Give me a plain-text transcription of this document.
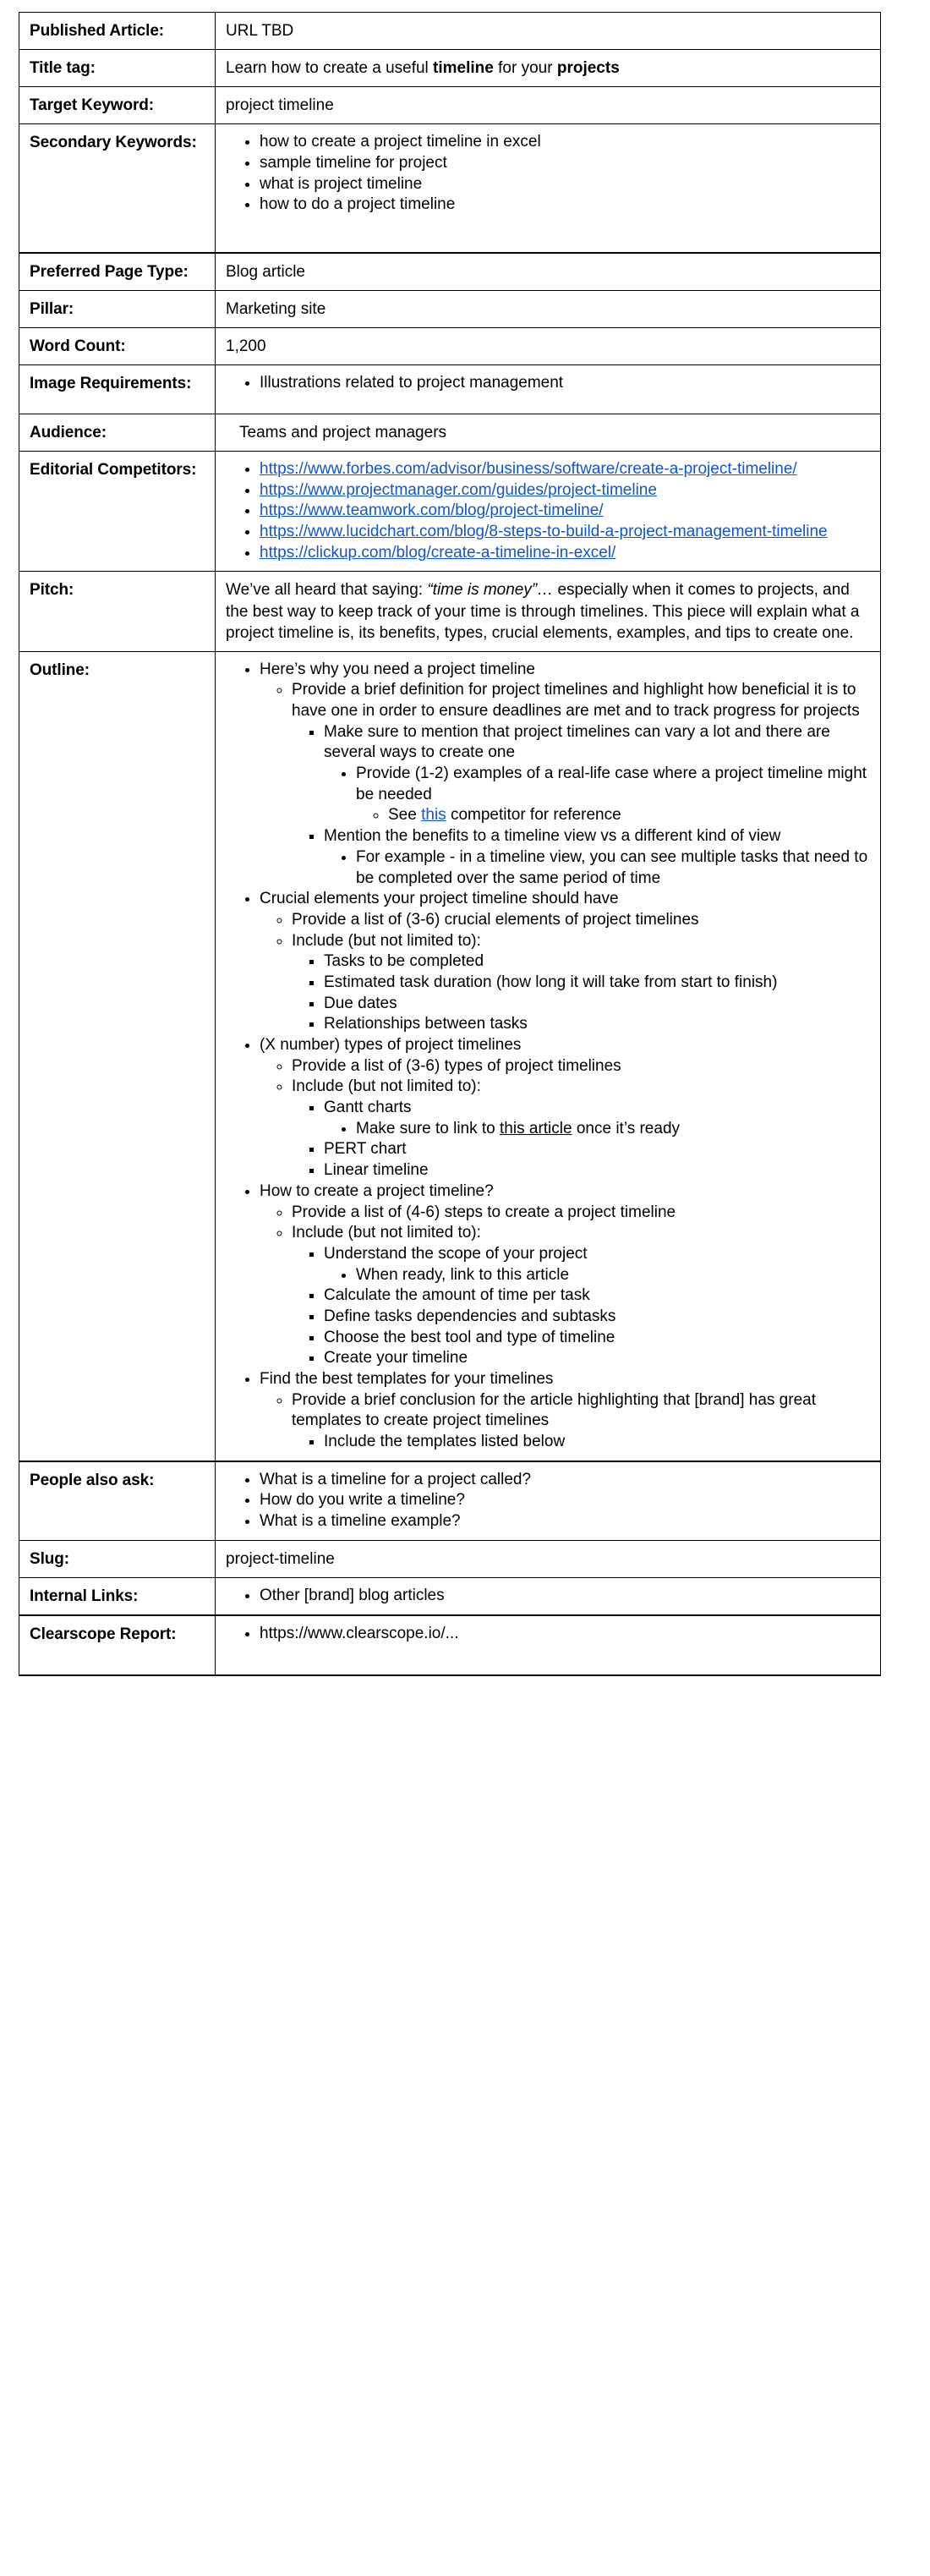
Published Article:	URL TBD

Title tag:	Learn how to create a useful timeline for your projects
Target Keyword:	project timeline

Secondary Keywords:	
•how to create a project timeline in excel
• sample timeline for project
• what is project timeline
• how to do a project timeline

Preferred Page Type:	Blog article

Pillar:	Marketing site

Word Count:	1,200

Image Requirements:	
•Illustrations related to project management

Audience:	Teams and project managers

Editorial Competitors:	
•https://www.forbes.com/advisor/business/software/create-a-project-timeline/
• https://www.projectmanager.com/guides/project-timeline
• https://www.teamwork.com/blog/project-timeline/
• https://www.lucidchart.com/blog/8-steps-to-build-a-project-management-timeline
• https://clickup.com/blog/create-a-timeline-in-excel/

Pitch:	We’ve all heard that saying: “time is money”… especially when it comes to projects, and the best way to keep track of your time is through timelines. This piece will explain what a project timeline is, its benefits, types, crucial elements, examples, and tips to create one.

Outline:	
•Here’s why you need a project timeline
◦ Provide a brief definition for project timelines and highlight how beneficial it is to have one in order to ensure deadlines are met and to track progress for projects
▪ Make sure to mention that project timelines can vary a lot and there are several ways to create one
• Provide (1-2) examples of a real-life case where a project timeline might be needed
◦ See this competitor for reference
▪ Mention the benefits to a timeline view vs a different kind of view
• For example - in a timeline view, you can see multiple tasks that need to be completed over the same period of time
• Crucial elements your project timeline should have
◦ Provide a list of (3-6) crucial elements of project timelines
◦ Include (but not limited to):
▪ Tasks to be completed
▪ Estimated task duration (how long it will take from start to finish)
▪ Due dates
▪ Relationships between tasks
• (X number) types of project timelines
◦ Provide a list of (3-6) types of project timelines
◦ Include (but not limited to):
▪ Gantt charts
• Make sure to link to this article once it’s ready
▪ PERT chart
▪ Linear timeline
• How to create a project timeline?
◦ Provide a list of (4-6) steps to create a project timeline
◦ Include (but not limited to):
▪ Understand the scope of your project
• When ready, link to this article
▪ Calculate the amount of time per task
▪ Define tasks dependencies and subtasks
▪ Choose the best tool and type of timeline
▪ Create your timeline
• Find the best templates for your timelines
◦ Provide a brief conclusion for the article highlighting that [brand] has great templates to create project timelines
▪ Include the templates listed below

People also ask:	
•What is a timeline for a project called?
• How do you write a timeline?
• What is a timeline example?

Slug:	project-timeline

Internal Links:	
•Other [brand] blog articles

Clearscope Report:	
•https://www.clearscope.io/...
